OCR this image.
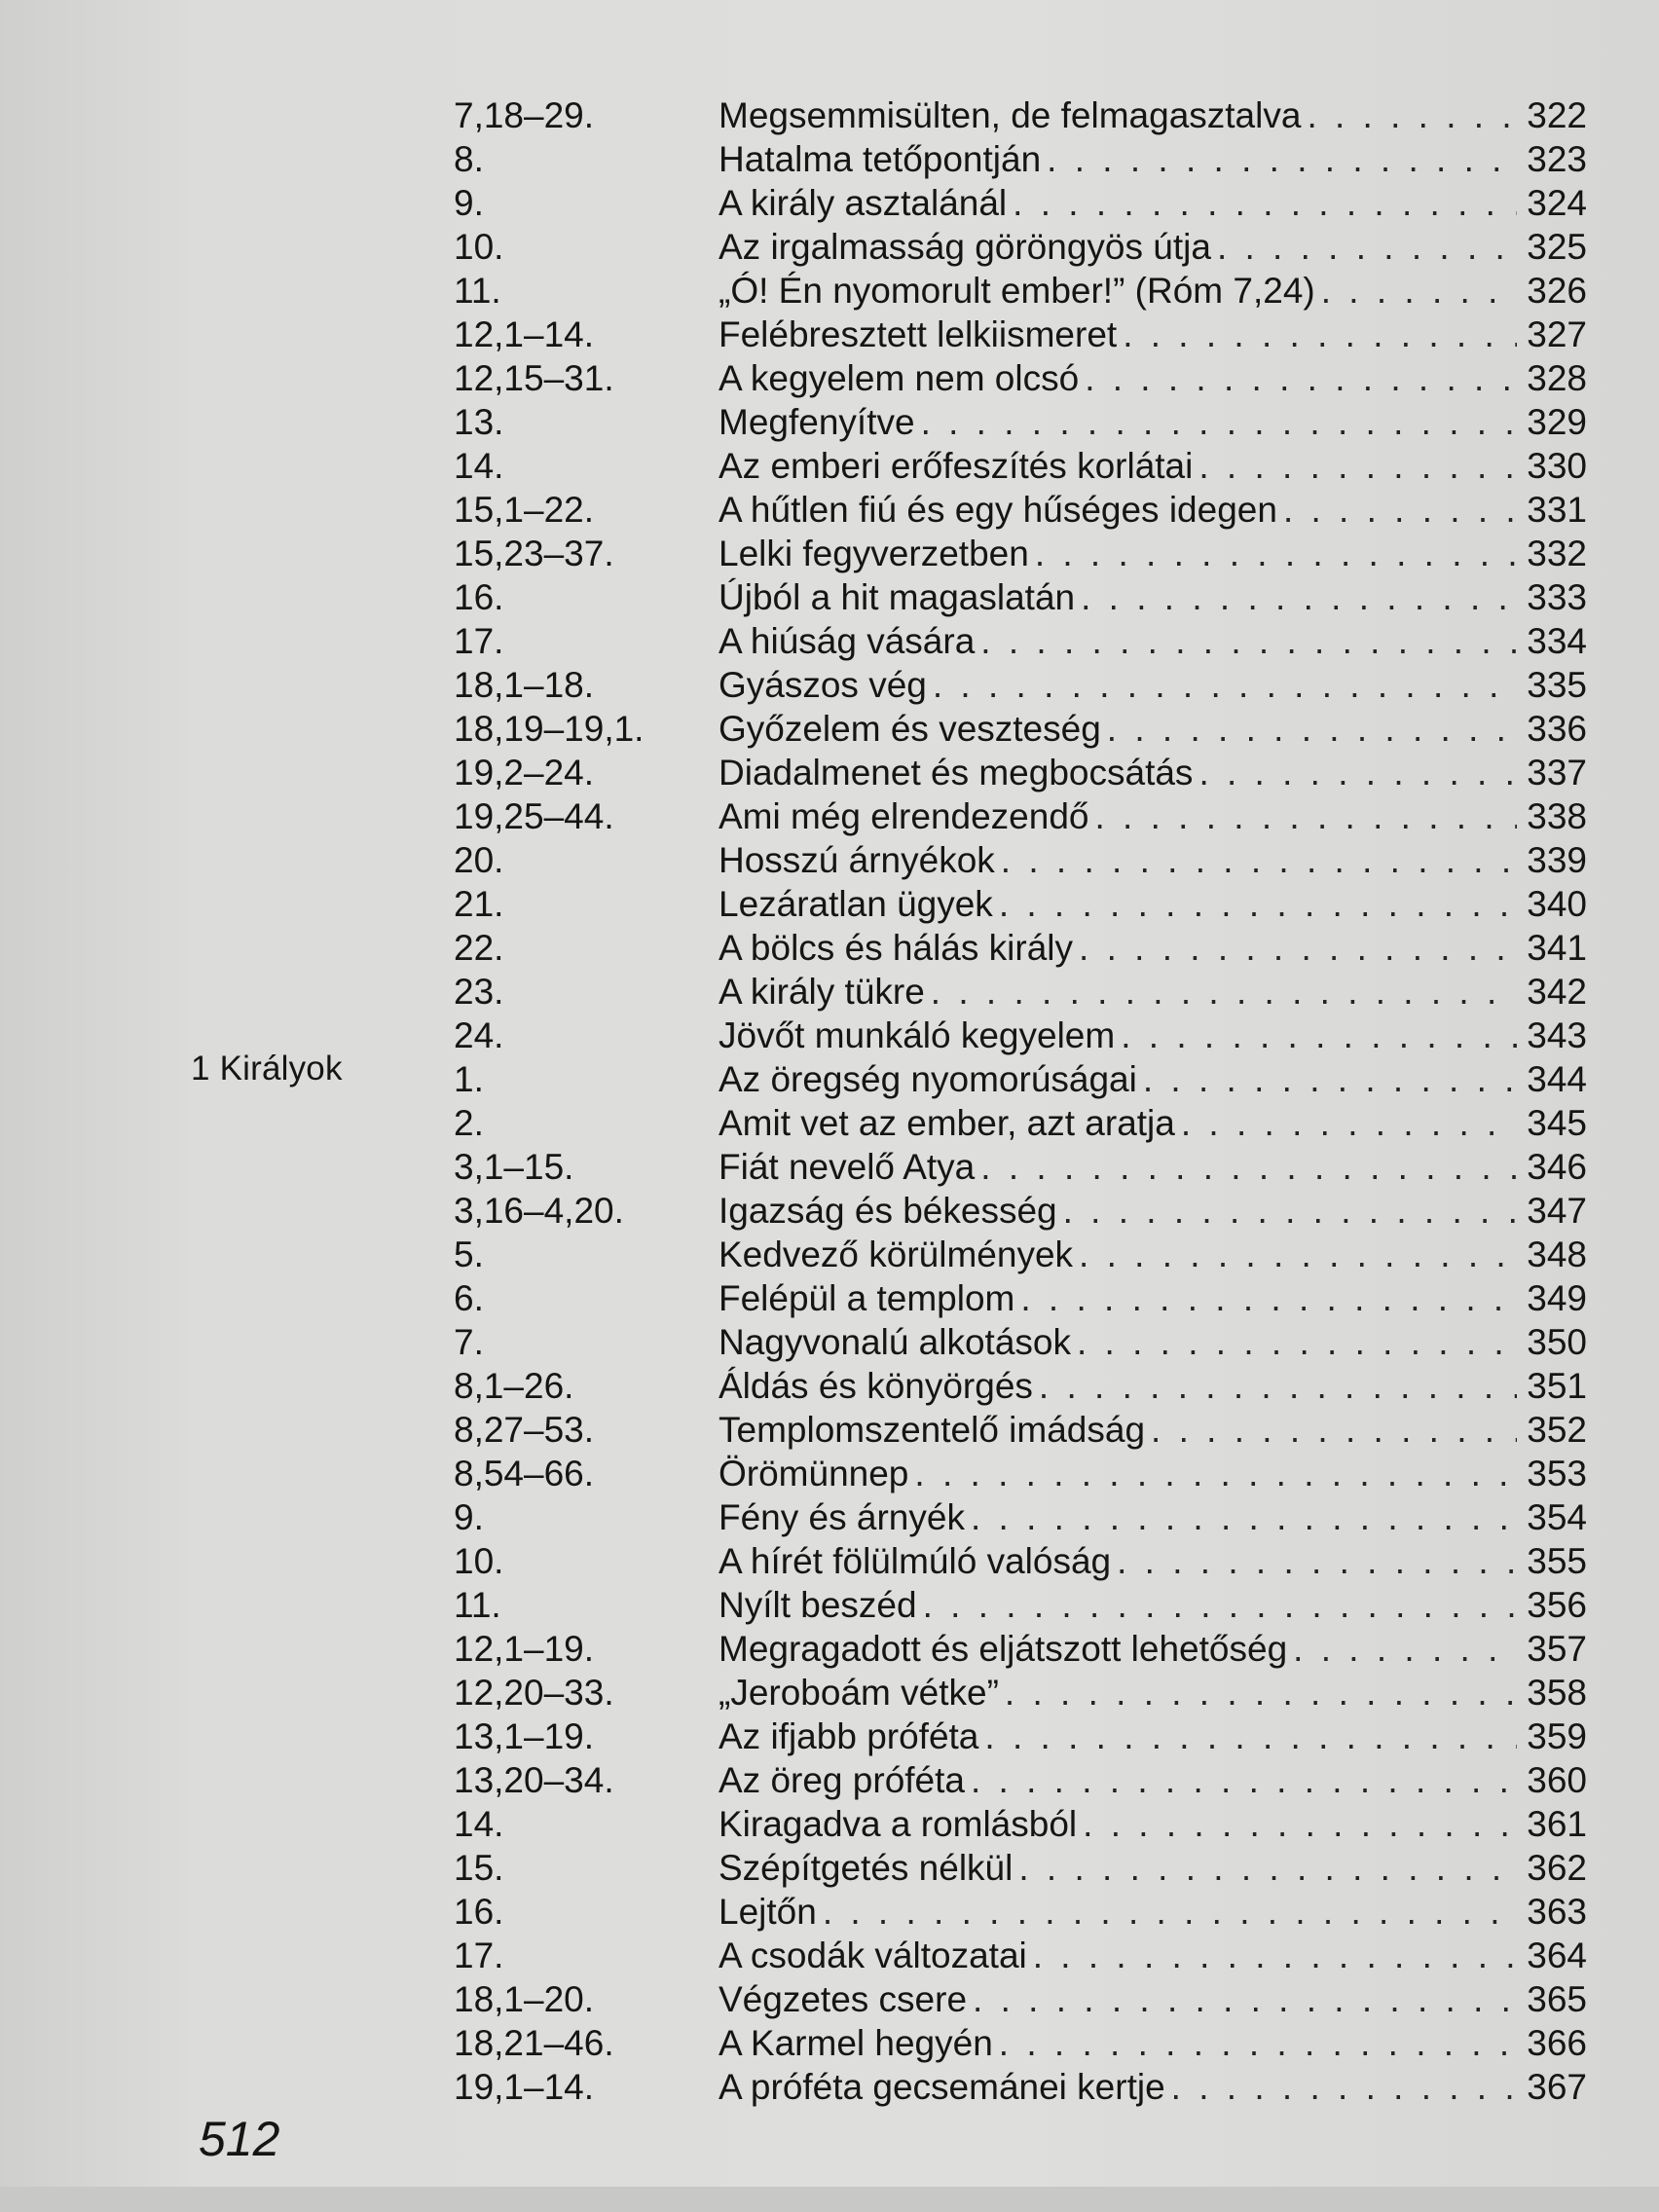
1 Királyok
7,18–29.	Megsemmisülten, de felmagasztalva . . .	322
8.	Hatalma tetőpontján . . .	323
9.	A király asztalánál . . .	324
10.	Az irgalmasság göröngyös útja . . .	325
11.	„Ó! Én nyomorult ember!” (Róm 7,24) . . .	326
12,1–14.	Felébresztett lelkiismeret . . .	327
12,15–31.	A kegyelem nem olcsó . . .	328
13.	Megfenyítve . . .	329
14.	Az emberi erőfeszítés korlátai . . .	330
15,1–22.	A hűtlen fiú és egy hűséges idegen . . .	331
15,23–37.	Lelki fegyverzetben . . .	332
16.	Újból a hit magaslatán . . .	333
17.	A hiúság vására . . .	334
18,1–18.	Gyászos vég . . .	335
18,19–19,1.	Győzelem és veszteség . . .	336
19,2–24.	Diadalmenet és megbocsátás . . .	337
19,25–44.	Ami még elrendezendő . . .	338
20.	Hosszú árnyékok . . .	339
21.	Lezáratlan ügyek . . .	340
22.	A bölcs és hálás király . . .	341
23.	A király tükre . . .	342
24.	Jövőt munkáló kegyelem . . .	343
1.	Az öregség nyomorúságai . . .	344
2.	Amit vet az ember, azt aratja . . .	345
3,1–15.	Fiát nevelő Atya . . .	346
3,16–4,20.	Igazság és békesség . . .	347
5.	Kedvező körülmények . . .	348
6.	Felépül a templom . . .	349
7.	Nagyvonalú alkotások . . .	350
8,1–26.	Áldás és könyörgés . . .	351
8,27–53.	Templomszentelő imádság . . .	352
8,54–66.	Örömünnep . . .	353
9.	Fény és árnyék . . .	354
10.	A hírét fölülmúló valóság . . .	355
11.	Nyílt beszéd . . .	356
12,1–19.	Megragadott és eljátszott lehetőség . . .	357
12,20–33.	„Jeroboám vétke” . . .	358
13,1–19.	Az ifjabb próféta . . .	359
13,20–34.	Az öreg próféta . . .	360
14.	Kiragadva a romlásból . . .	361
15.	Szépítgetés nélkül . . .	362
16.	Lejtőn . . .	363
17.	A csodák változatai . . .	364
18,1–20.	Végzetes csere . . .	365
18,21–46.	A Karmel hegyén . . .	366
19,1–14.	A próféta gecsemánei kertje . . .	367
512
